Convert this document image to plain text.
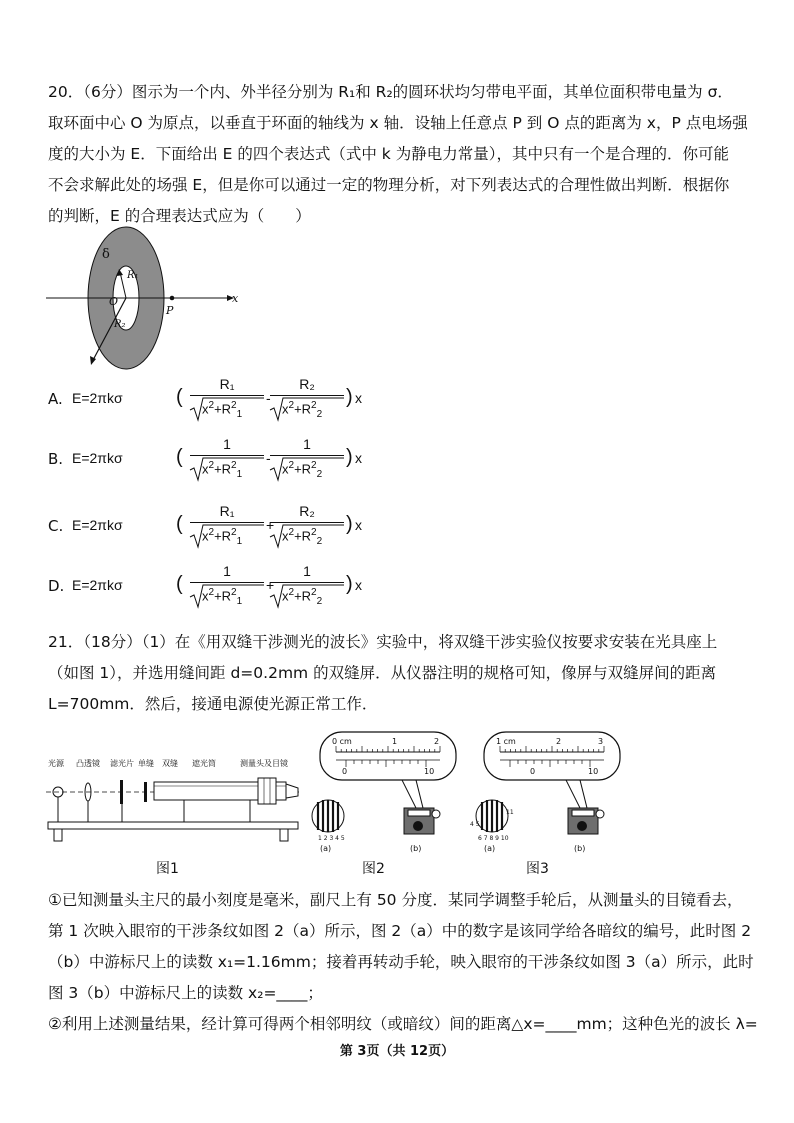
20．（6分）图示为一个内、外半径分别为 R₁和 R₂的圆环状均匀带电平面，其单位面积带电量为 σ．
取环面中心 O 为原点，以垂直于环面的轴线为 x 轴．设轴上任意点 P 到 O 点的距离为 x，P 点电场强
度的大小为 E．下面给出 E 的四个表达式（式中 k 为静电力常量），其中只有一个是合理的．你可能
不会求解此处的场强 E，但是你可以通过一定的物理分析，对下列表达式的合理性做出判断．根据你
的判断，E 的合理表达式应为（　　）
δ
R₁
O
R₂
P
x
A. E=2πkσ	(
R₁
$x^2+R^2_1$
-
R₂
$x^2+R^2_2$
) x
B. E=2πkσ	(
1
$x^2+R^2_1$
-
1
$x^2+R^2_2$
) x
C. E=2πkσ	(
R₁
$x^2+R^2_1$
+
R₂
$x^2+R^2_2$
) x
D. E=2πkσ	(
1
$x^2+R^2_1$
+
1
$x^2+R^2_2$
) x
21．（18分）（1）在《用双缝干涉测光的波长》实验中，将双缝干涉实验仪按要求安装在光具座上
（如图 1），并选用缝间距 d=0.2mm 的双缝屏．从仪器注明的规格可知，像屏与双缝屏间的距离
L=700mm．然后，接通电源使光源正常工作．
光源 凸透镜 滤光片 单缝 双缝 遮光筒	测量头及目镜
0 cm	1	2
0	10
1 2 3 4 5
(a)	(b)
1 cm	2	3
0	10
4 5
6 7 8 9 10
11
(a)	(b)
图1	图2	图3
①已知测量头主尺的最小刻度是毫米，副尺上有 50 分度．某同学调整手轮后，从测量头的目镜看去，
第 1 次映入眼帘的干涉条纹如图 2（a）所示，图 2（a）中的数字是该同学给各暗纹的编号，此时图 2
（b）中游标尺上的读数 x₁=1.16mm；接着再转动手轮，映入眼帘的干涉条纹如图 3（a）所示，此时
图 3（b）中游标尺上的读数 x₂=____；
②利用上述测量结果，经计算可得两个相邻明纹（或暗纹）间的距离△x=____mm；这种色光的波长 λ=
第 3页（共 12页）
